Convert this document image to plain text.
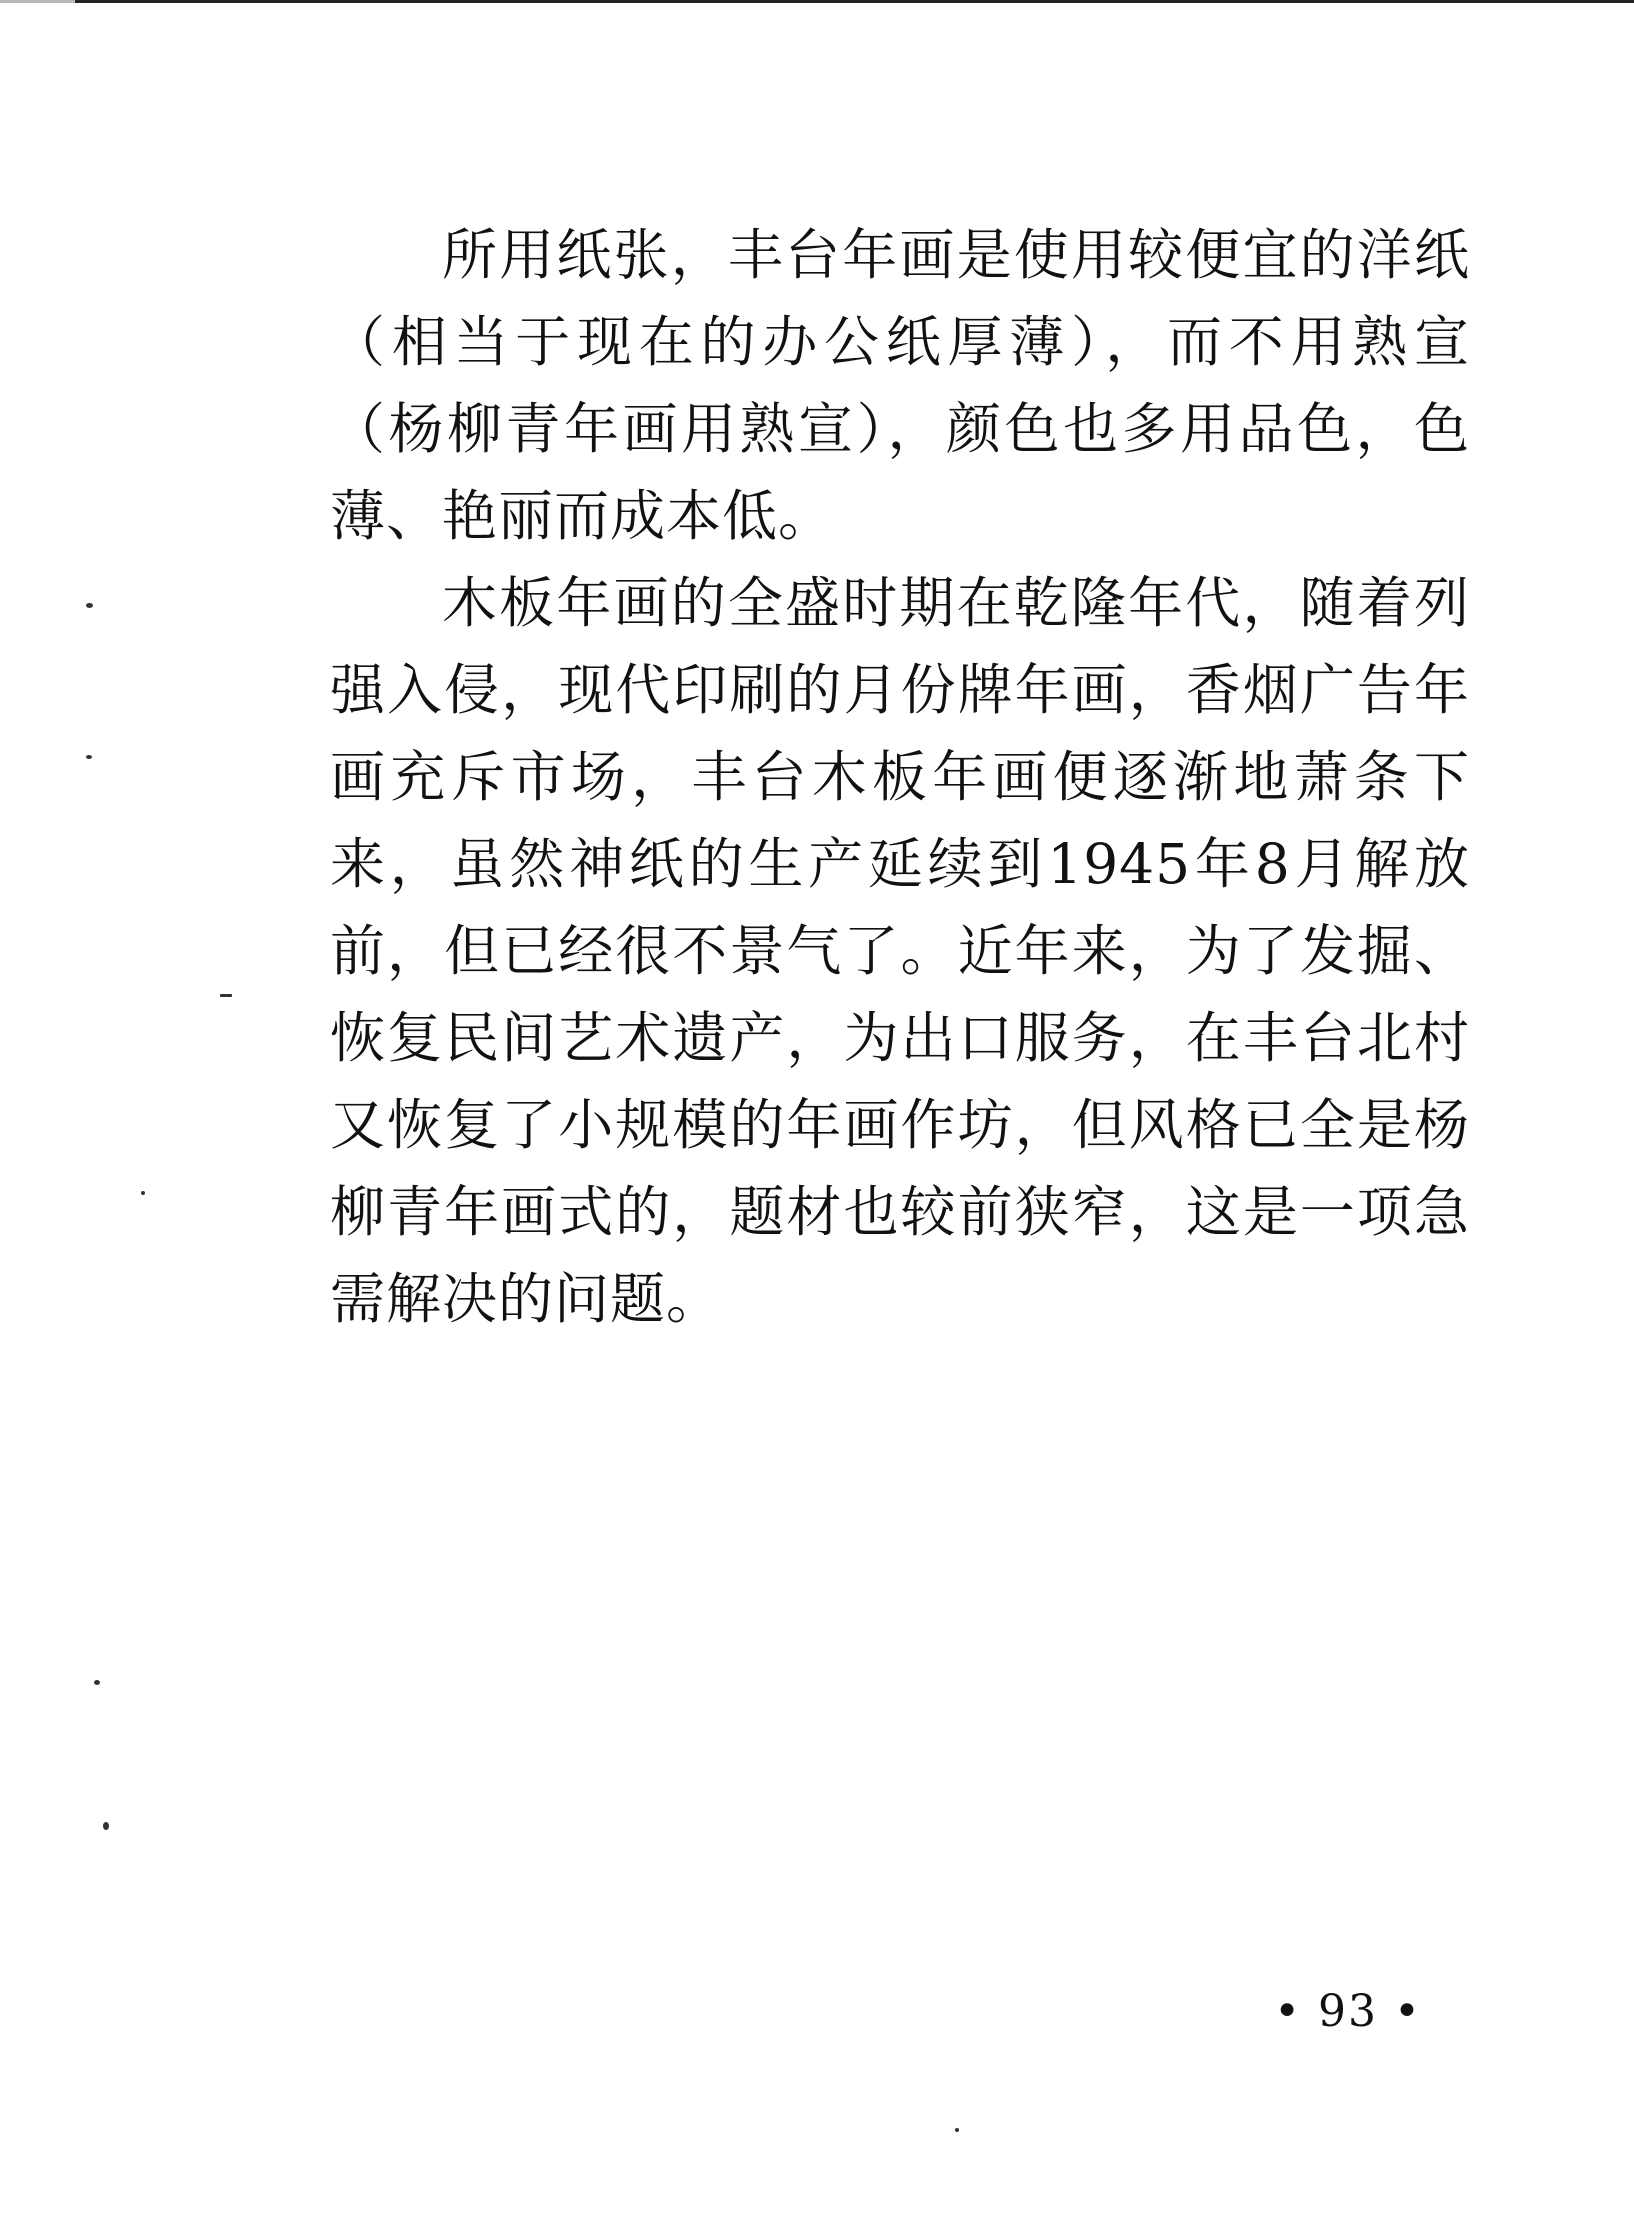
所用纸张，丰台年画是使用较便宜的洋纸
（相当于现在的办公纸厚薄），而不用熟宣
（杨柳青年画用熟宣），颜色也多用品色，色
薄、艳丽而成本低。
木板年画的全盛时期在乾隆年代，随着列
强入侵，现代印刷的月份牌年画，香烟广告年
画充斥市场，丰台木板年画便逐渐地萧条下
来，虽然神纸的生产延续到1945年8月解放
前，但已经很不景气了。近年来，为了发掘、
恢复民间艺术遗产，为出口服务，在丰台北村
又恢复了小规模的年画作坊，但风格已全是杨
柳青年画式的，题材也较前狭窄，这是一项急
需解决的问题。
• 93 •
